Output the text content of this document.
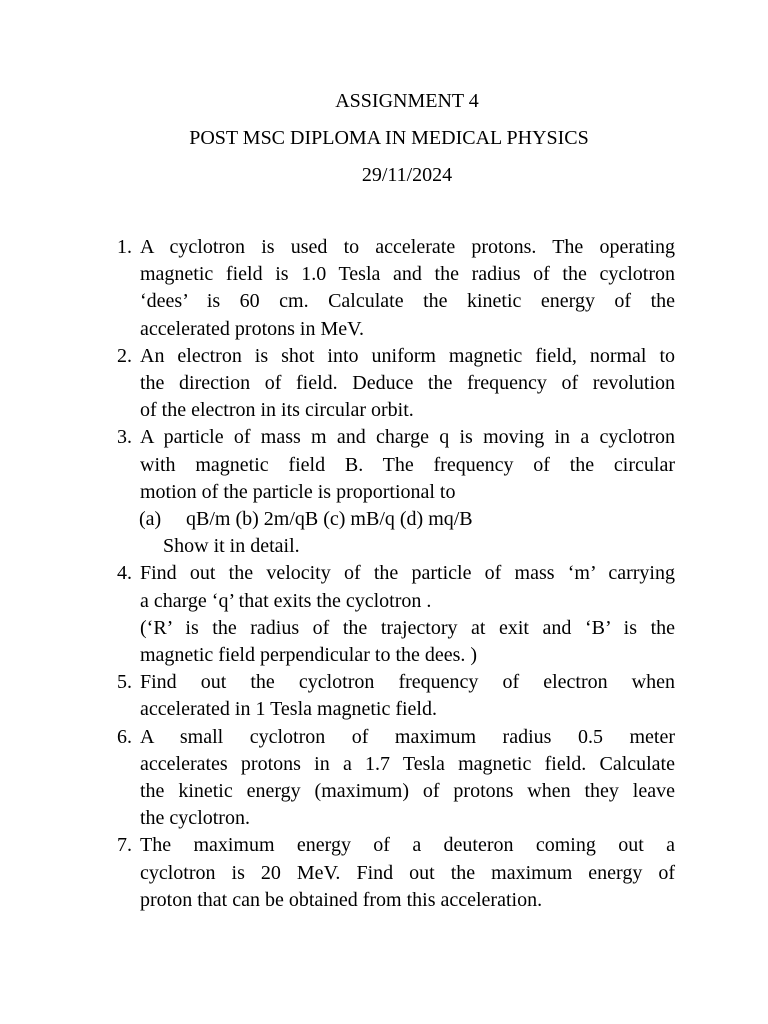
ASSIGNMENT 4
POST MSC DIPLOMA IN MEDICAL PHYSICS
29/11/2024
1. A cyclotron is used to accelerate protons. The operating
magnetic field is 1.0 Tesla and the radius of the cyclotron
‘dees’ is 60 cm. Calculate the kinetic energy of the
accelerated protons in MeV.
2. An electron is shot into uniform magnetic field, normal to
the direction of field. Deduce the frequency of revolution
of the electron in its circular orbit.
3. A particle of mass m and charge q is moving in a cyclotron
with magnetic field B. The frequency of the circular
motion of the particle is proportional to
(a) qB/m (b) 2m/qB (c) mB/q (d) mq/B
Show it in detail.
4. Find out the velocity of the particle of mass ‘m’ carrying
a charge ‘q’ that exits the cyclotron .
(‘R’ is the radius of the trajectory at exit and ‘B’ is the
magnetic field perpendicular to the dees. )
5. Find out the cyclotron frequency of electron when
accelerated in 1 Tesla magnetic field.
6. A small cyclotron of maximum radius 0.5 meter
accelerates protons in a 1.7 Tesla magnetic field. Calculate
the kinetic energy (maximum) of protons when they leave
the cyclotron.
7. The maximum energy of a deuteron coming out a
cyclotron is 20 MeV. Find out the maximum energy of
proton that can be obtained from this acceleration.
